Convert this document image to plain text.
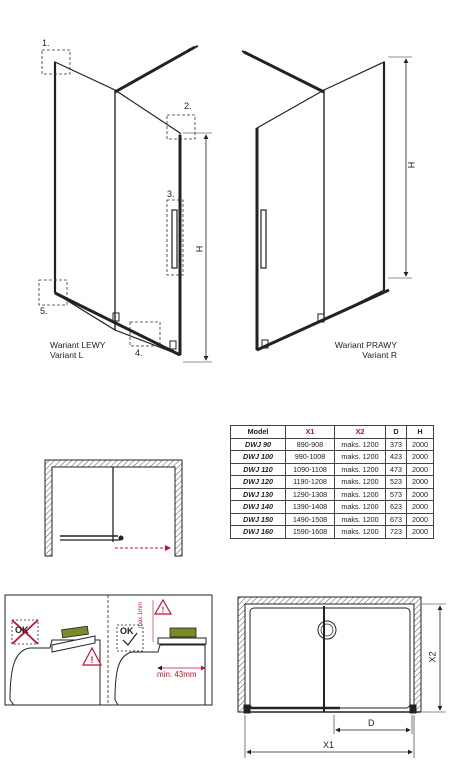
!
!
1.
2.
3.
4.
5.
H
H
Wariant LEWY
Variant L
Wariant PRAWY
Variant R
Model	X1	X2	D	H
DWJ 90	890-908	maks. 1200	373	2000
DWJ 100	990-1008	maks. 1200	423	2000
DWJ 110	1090-1108	maks. 1200	473	2000
DWJ 120	1190-1208	maks. 1200	523	2000
DWJ 130	1290-1308	maks. 1200	573	2000
DWJ 140	1390-1408	maks. 1200	623	2000
DWJ 150	1490-1508	maks. 1200	673	2000
DWJ 160	1590-1608	maks. 1200	723	2000
OK	OK
max.1mm
min. 43mm
X1
X2
D
